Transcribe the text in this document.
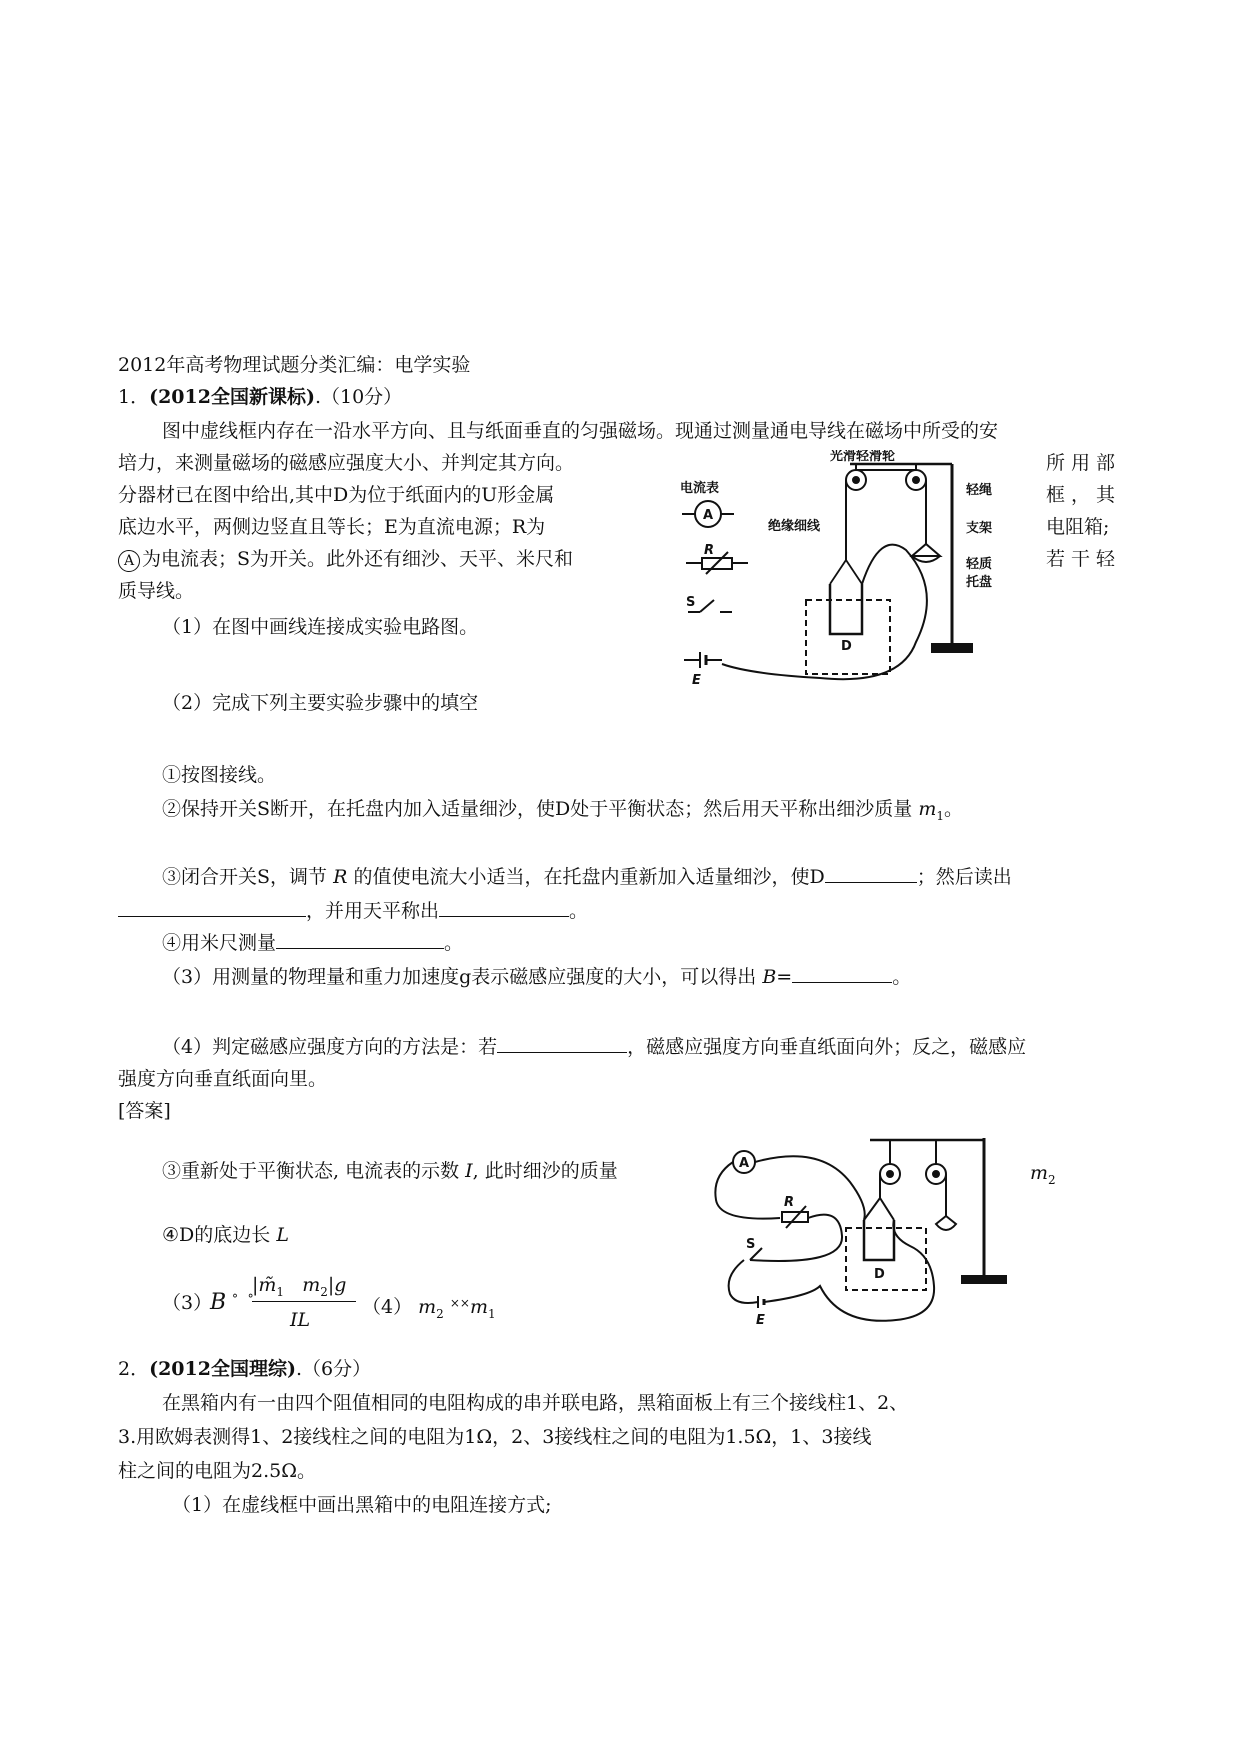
2012年高考物理试题分类汇编：电学实验
1．(2012全国新课标).（10分）
图中虚线框内存在一沿水平方向、且与纸面垂直的匀强磁场。现通过测量通电导线在磁场中所受的安
培力，来测量磁场的磁感应强度大小、并判定其方向。	所用部
分器材已在图中给出,其中D为位于纸面内的U形金属	框，其
底边水平，两侧边竖直且等长；E为直流电源；R为	电阻箱;
A 为电流表；S为开关。此外还有细沙、天平、米尺和	若干轻
质导线。
（1）在图中画线连接成实验电路图。
（2）完成下列主要实验步骤中的填空
①按图接线。
②保持开关S断开，在托盘内加入适量细沙，使D处于平衡状态；然后用天平称出细沙质量 $m_1$。
③闭合开关S，调节 R 的值使电流大小适当，在托盘内重新加入适量细沙，使D	；然后读出
，并用天平称出	。
④用米尺测量	。
（3）用测量的物理量和重力加速度g表示磁感应强度的大小，可以得出 B=	。
（4）判定磁感应强度方向的方法是：若	，磁感应强度方向垂直纸面向外；反之，磁感应
强度方向垂直纸面向里。
[答案]
③重新处于平衡状态, 电流表的示数 I, 此时细沙的质量	$m_2$
④D的底边长 L
（3）
B °°
$|m̃_1$ $m_2|g$
IL
（4） $m_2$ $^{\times\times}m_1$
2．(2012全国理综).（6分）
在黑箱内有一由四个阻值相同的电阻构成的串并联电路，黑箱面板上有三个接线柱1、2、
3.用欧姆表测得1、2接线柱之间的电阻为1Ω，2、3接线柱之间的电阻为1.5Ω，1、3接线
柱之间的电阻为2.5Ω。
（1）在虚线框中画出黑箱中的电阻连接方式;
电流表
光滑轻滑轮
轻绳
绝缘细线	支架
轻质
托盘
A
R
S
D
E
A
R
S
D
E
